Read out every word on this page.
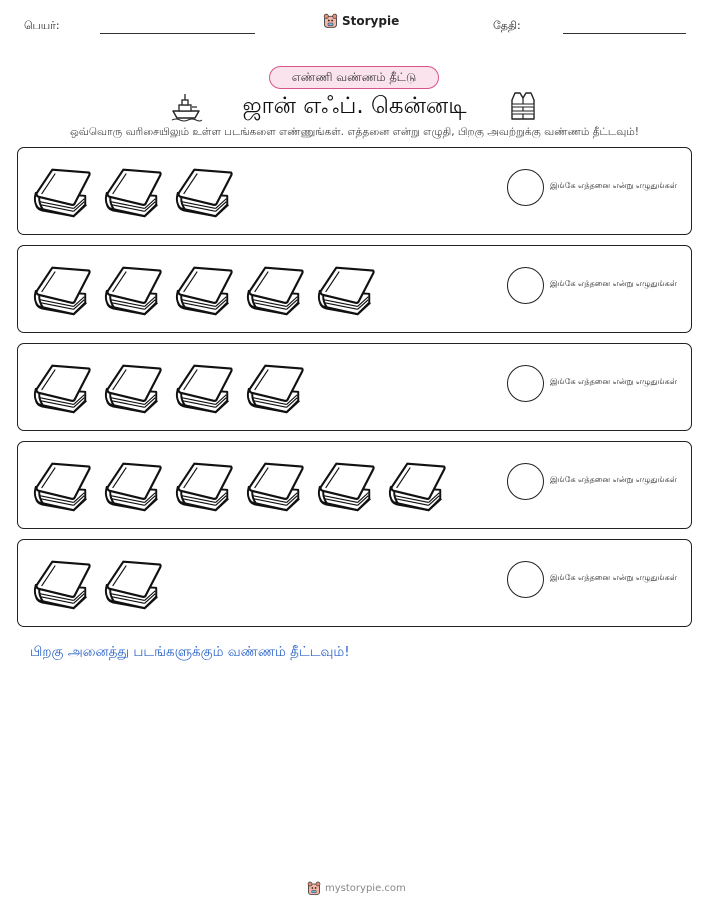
பெயர்:	Storypie	தேதி:
எண்ணி வண்ணம் தீட்டு
ஜான் எஃப். கென்னடி
ஒவ்வொரு வரிசையிலும் உள்ள படங்களை எண்ணுங்கள். எத்தனை என்று எழுதி, பிறகு அவற்றுக்கு வண்ணம் தீட்டவும்!
இங்கே எத்தனை என்று எழுதுங்கள்
இங்கே எத்தனை என்று எழுதுங்கள்
இங்கே எத்தனை என்று எழுதுங்கள்
இங்கே எத்தனை என்று எழுதுங்கள்
இங்கே எத்தனை என்று எழுதுங்கள்
பிறகு அனைத்து படங்களுக்கும் வண்ணம் தீட்டவும்!
mystorypie.com
